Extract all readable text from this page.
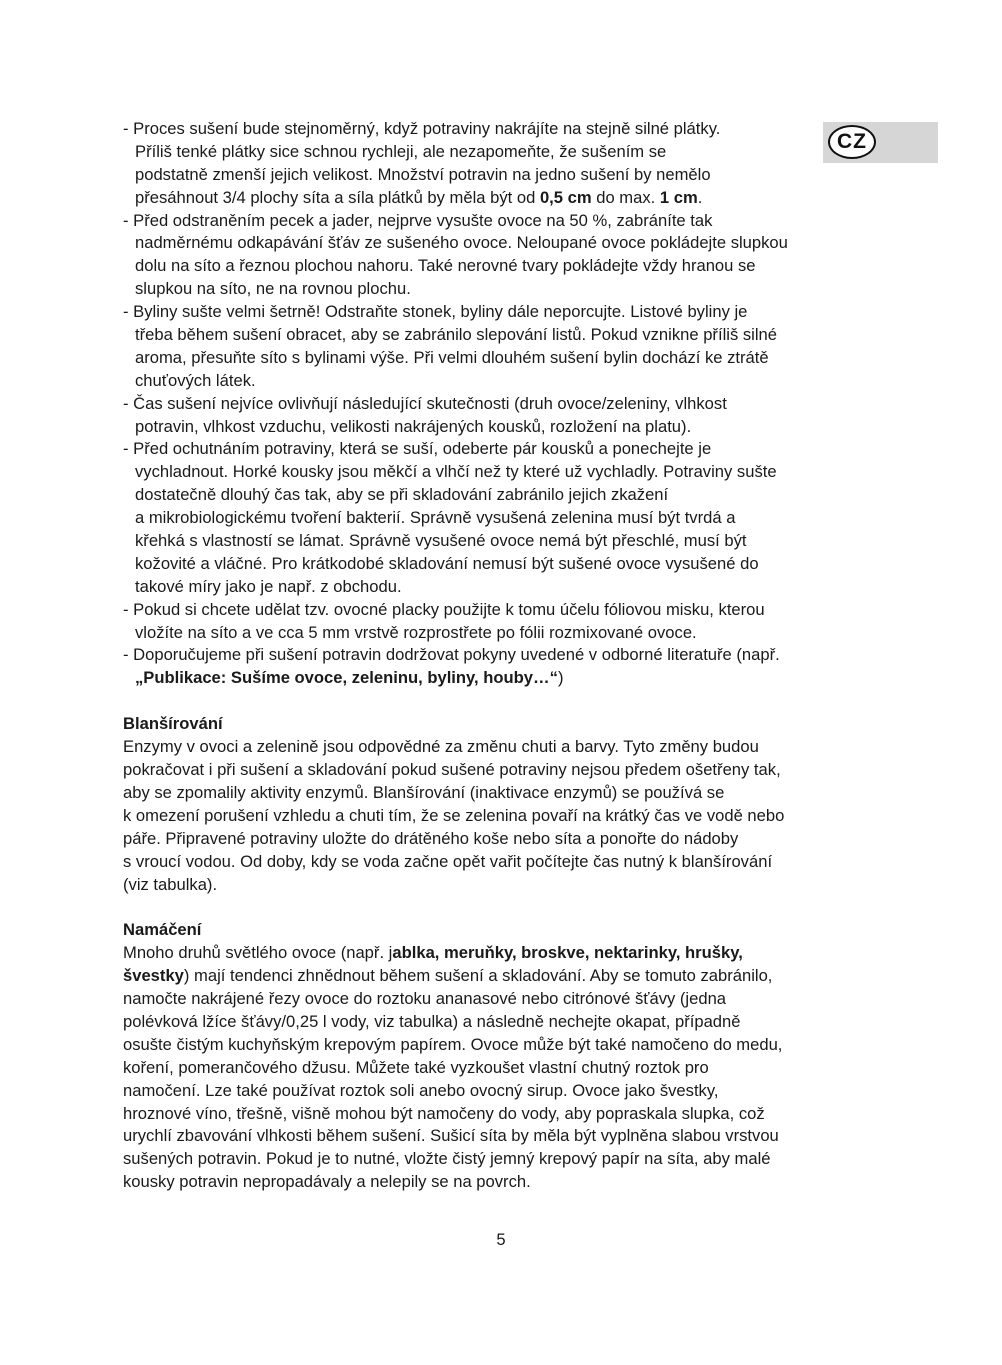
CZ
- Proces sušení bude stejnoměrný, když potraviny nakrájíte na stejně silné plátky.
Příliš tenké plátky sice schnou rychleji, ale nezapomeňte, že sušením se
podstatně zmenší jejich velikost. Množství potravin na jedno sušení by nemělo
přesáhnout 3/4 plochy síta a síla plátků by měla být od 0,5 cm do max. 1 cm.
- Před odstraněním pecek a jader, nejprve vysušte ovoce na 50 %, zabráníte tak
nadměrnému odkapávání šťáv ze sušeného ovoce. Neloupané ovoce pokládejte slupkou
dolu na síto a řeznou plochou nahoru. Také nerovné tvary pokládejte vždy hranou se
slupkou na síto, ne na rovnou plochu.
- Byliny sušte velmi šetrně! Odstraňte stonek, byliny dále neporcujte. Listové byliny je
třeba během sušení obracet, aby se zabránilo slepování listů. Pokud vznikne příliš silné
aroma, přesuňte síto s bylinami výše. Při velmi dlouhém sušení bylin dochází ke ztrátě
chuťových látek.
- Čas sušení nejvíce ovlivňují následující skutečnosti (druh ovoce/zeleniny, vlhkost
potravin, vlhkost vzduchu, velikosti nakrájených kousků, rozložení na platu).
- Před ochutnáním potraviny, která se suší, odeberte pár kousků a ponechejte je
vychladnout. Horké kousky jsou měkčí a vlhčí než ty které už vychladly. Potraviny sušte
dostatečně dlouhý čas tak, aby se při skladování zabránilo jejich zkažení
a mikrobiologickému tvoření bakterií. Správně vysušená zelenina musí být tvrdá a
křehká s vlastností se lámat. Správně vysušené ovoce nemá být přeschlé, musí být
kožovité a vláčné. Pro krátkodobé skladování nemusí být sušené ovoce vysušené do
takové míry jako je např. z obchodu.
- Pokud si chcete udělat tzv. ovocné placky použijte k tomu účelu fóliovou misku, kterou
vložíte na síto a ve cca 5 mm vrstvě rozprostřete po fólii rozmixované ovoce.
- Doporučujeme při sušení potravin dodržovat pokyny uvedené v odborné literatuře (např.
„Publikace: Sušíme ovoce, zeleninu, byliny, houby…“)
Blanšírování
Enzymy v ovoci a zelenině jsou odpovědné za změnu chuti a barvy. Tyto změny budou
pokračovat i při sušení a skladování pokud sušené potraviny nejsou předem ošetřeny tak,
aby se zpomalily aktivity enzymů. Blanšírování (inaktivace enzymů) se používá se
k omezení porušení vzhledu a chuti tím, že se zelenina povaří na krátký čas ve vodě nebo
páře. Připravené potraviny uložte do drátěného koše nebo síta a ponořte do nádoby
s vroucí vodou. Od doby, kdy se voda začne opět vařit počítejte čas nutný k blanšírování
(viz tabulka).
Namáčení
Mnoho druhů světlého ovoce (např. jablka, meruňky, broskve, nektarinky, hrušky,
švestky) mají tendenci zhnědnout během sušení a skladování. Aby se tomuto zabránilo,
namočte nakrájené řezy ovoce do roztoku ananasové nebo citrónové šťávy (jedna
polévková lžíce šťávy/0,25 l vody, viz tabulka) a následně nechejte okapat, případně
osušte čistým kuchyňským krepovým papírem. Ovoce může být také namočeno do medu,
koření, pomerančového džusu. Můžete také vyzkoušet vlastní chutný roztok pro
namočení. Lze také používat roztok soli anebo ovocný sirup. Ovoce jako švestky,
hroznové víno, třešně, višně mohou být namočeny do vody, aby popraskala slupka, což
urychlí zbavování vlhkosti během sušení. Sušicí síta by měla být vyplněna slabou vrstvou
sušených potravin. Pokud je to nutné, vložte čistý jemný krepový papír na síta, aby malé
kousky potravin nepropadávaly a nelepily se na povrch.
5
